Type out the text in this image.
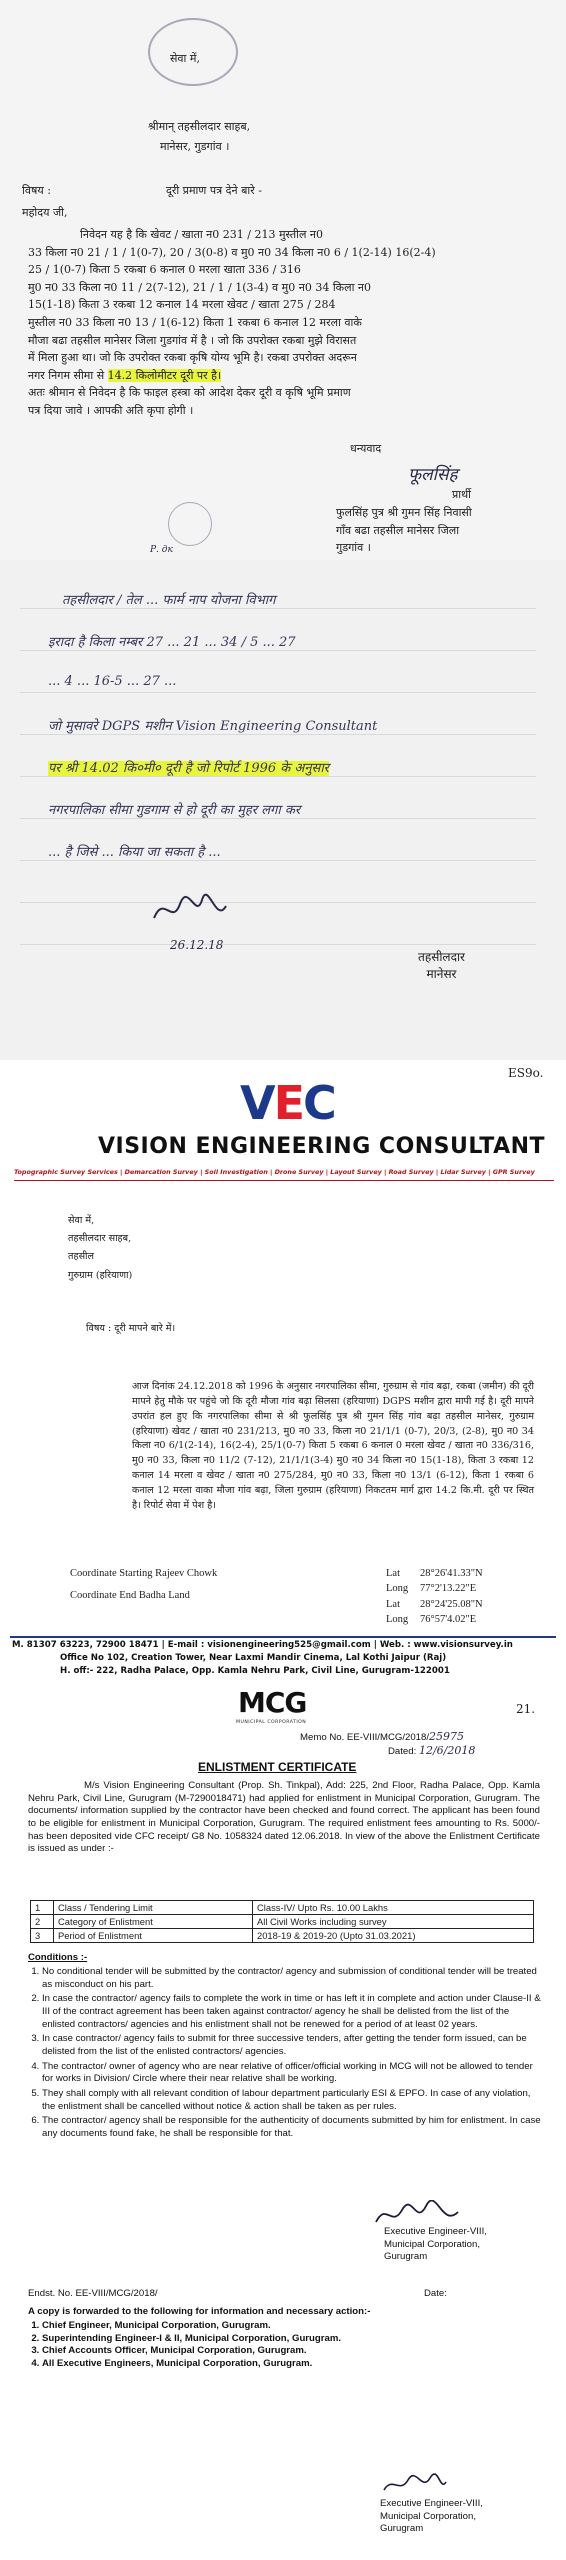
सेवा में,
श्रीमान् तहसीलदार साहब,
मानेसर, गुडगांव ।
विषय :
महोदय जी,
दूरी प्रमाण पत्र देने बारे -
निवेदन यह है कि खेवट / खाता न0 231 / 213 मुस्तील न0
33 किला न0 21 / 1 / 1(0-7), 20 / 3(0-8) व मु0 न0 34 किला न0 6 / 1(2-14) 16(2-4)
25 / 1(0-7) किता 5 रकबा 6 कनाल 0 मरला खाता 336 / 316
मु0 न0 33 किला न0 11 / 2(7-12), 21 / 1 / 1(3-4) व मु0 न0 34 किला न0
15(1-18) किता 3 रकबा 12 कनाल 14 मरला खेवट / खाता 275 / 284
मुस्तील न0 33 किला न0 13 / 1(6-12) किता 1 रकबा 6 कनाल 12 मरला वाके
मौजा बढा तहसील मानेसर जिला गुडगांव में है । जो कि उपरोक्त रकबा मुझे विरासत
में मिला हुआ था। जो कि उपरोक्त रकबा कृषि योग्य भूमि है। रकबा उपरोक्त अदरून
नगर निगम सीमा से 14.2 किलोमीटर दूरी पर है।
अतः श्रीमान से निवेदन है कि फाइल हस्त्रा को आदेश देकर दूरी व कृषि भूमि प्रमाण
पत्र दिया जावे । आपकी अति कृपा होगी ।
धन्यवाद
फूलसिंह
प्रार्थी
फुलसिंह पुत्र श्री गुमन सिंह निवासी
गाँव बढा तहसील मानेसर जिला
गुडगांव ।
Р. дк
तहसीलदार / तेल ... फार्म नाप योजना विभाग
इरादा है किला नम्बर 27 ... 21 ... 34 / 5 ... 27
... 4 ... 16-5 ... 27 ...
जो मुसावरे DGPS मशीन Vision Engineering Consultant
पर श्री 14.02 कि०मी० दूरी है जो रिपोर्ट 1996 के अनुसार
नगरपालिका सीमा गुडगाम से हो दूरी का मुहर लगा कर
... है जिसे ... किया जा सकता है ...
26.12.18
तहसीलदार
मानेसर
ES9o.
VEC
VISION ENGINEERING CONSULTANT
Topographic Survey Services | Demarcation Survey | Soil Investigation | Drone Survey | Layout Survey | Road Survey | Lidar Survey | GPR Survey
सेवा में,
तहसीलदार साहब,
तहसील
गुरुग्राम (हरियाणा)
विषय : दूरी मापने बारे में।
आज दिनांक 24.12.2018 को 1996 के अनुसार नगरपालिका सीमा, गुरुग्राम से गांव बढ़ा, रकबा (जमीन) की दूरी मापने हेतु मौके पर पहुंचे जो कि दूरी मौजा गांव बढ़ा सिलसा (हरियाणा) DGPS मशीन द्वारा मापी गई है। दूरी मापने उपरांत हल हुए कि नगरपालिका सीमा से श्री फुलसिंह पुत्र श्री गुमन सिंह गांव बढ़ा तहसील मानेसर, गुरुग्राम (हरियाणा) खेवट / खाता न0 231/213, मु0 न0 33, किला न0 21/1/1 (0-7), 20/3, (2-8), मु0 न0 34 किला न0 6/1(2-14), 16(2-4), 25/1(0-7) किता 5 रकबा 6 कनाल 0 मरला खेवट / खाता न0 336/316, मु0 न0 33, किला न0 11/2 (7-12), 21/1/1(3-4) मु0 न0 34 किला न0 15(1-18), किता 3 रकबा 12 कनाल 14 मरला व खेवट / खाता न0 275/284, मु0 न0 33, किला न0 13/1 (6-12), किता 1 रकबा 6 कनाल 12 मरला वाका मौजा गांव बढ़ा, जिला गुरुग्राम (हरियाणा) निकटतम मार्ग द्वारा 14.2 कि.मी. दूरी पर स्थित है। रिपोर्ट सेवा में पेश है।
Coordinate Starting Rajeev Chowk	Lat 28°26'41.33"N
Long 77°2'13.22"E
Coordinate End Badha Land
Lat 28°24'25.08"N
Long 76°57'4.02"E
M. 81307 63223, 72900 18471 | E-mail : visionengineering525@gmail.com | Web. : www.visionsurvey.in
Office No 102, Creation Tower, Near Laxmi Mandir Cinema, Lal Kothi Jaipur (Raj)
H. off:- 222, Radha Palace, Opp. Kamla Nehru Park, Civil Line, Gurugram-122001
MCG
MUNICIPAL CORPORATION
21.
Memo No. EE-VIII/MCG/2018/25975
Dated: 12/6/2018
ENLISTMENT CERTIFICATE
M/s Vision Engineering Consultant (Prop. Sh. Tinkpal), Add: 225, 2nd Floor, Radha Palace, Opp. Kamla Nehru Park, Civil Line, Gurugram (M-7290018471) had applied for enlistment in Municipal Corporation, Gurugram. The documents/ information supplied by the contractor have been checked and found correct. The applicant has been found to be eligible for enlistment in Municipal Corporation, Gurugram. The required enlistment fees amounting to Rs. 5000/- has been deposited vide CFC receipt/ G8 No. 1058324 dated 12.06.2018. In view of the above the Enlistment Certificate is issued as under :-
1	Class / Tendering Limit	Class-IV/ Upto Rs. 10.00 Lakhs
2	Category of Enlistment	All Civil Works including survey
3	Period of Enlistment	2018-19 & 2019-20 (Upto 31.03.2021)
Conditions :-
1. No conditional tender will be submitted by the contractor/ agency and submission of conditional tender will be treated as misconduct on his part.
2. In case the contractor/ agency fails to complete the work in time or has left it in complete and action under Clause-II & III of the contract agreement has been taken against contractor/ agency he shall be delisted from the list of the enlisted contractors/ agencies and his enlistment shall not be renewed for a period of at least 02 years.
3. In case contractor/ agency fails to submit for three successive tenders, after getting the tender form issued, can be delisted from the list of the enlisted contractors/ agencies.
4. The contractor/ owner of agency who are near relative of officer/official working in MCG will not be allowed to tender for works in Division/ Circle where their near relative shall be working.
5. They shall comply with all relevant condition of labour department particularly ESI & EPFO. In case of any violation, the enlistment shall be cancelled without notice & action shall be taken as per rules.
6. The contractor/ agency shall be responsible for the authenticity of documents submitted by him for enlistment. In case any documents found fake, he shall be responsible for that.
Executive Engineer-VIII,
Municipal Corporation,
Gurugram
Endst. No. EE-VIII/MCG/2018/	Date:
A copy is forwarded to the following for information and necessary action:-
1. Chief Engineer, Municipal Corporation, Gurugram.
2. Superintending Engineer-I & II, Municipal Corporation, Gurugram.
3. Chief Accounts Officer, Municipal Corporation, Gurugram.
4. All Executive Engineers, Municipal Corporation, Gurugram.
Executive Engineer-VIII,
Municipal Corporation,
Gurugram
